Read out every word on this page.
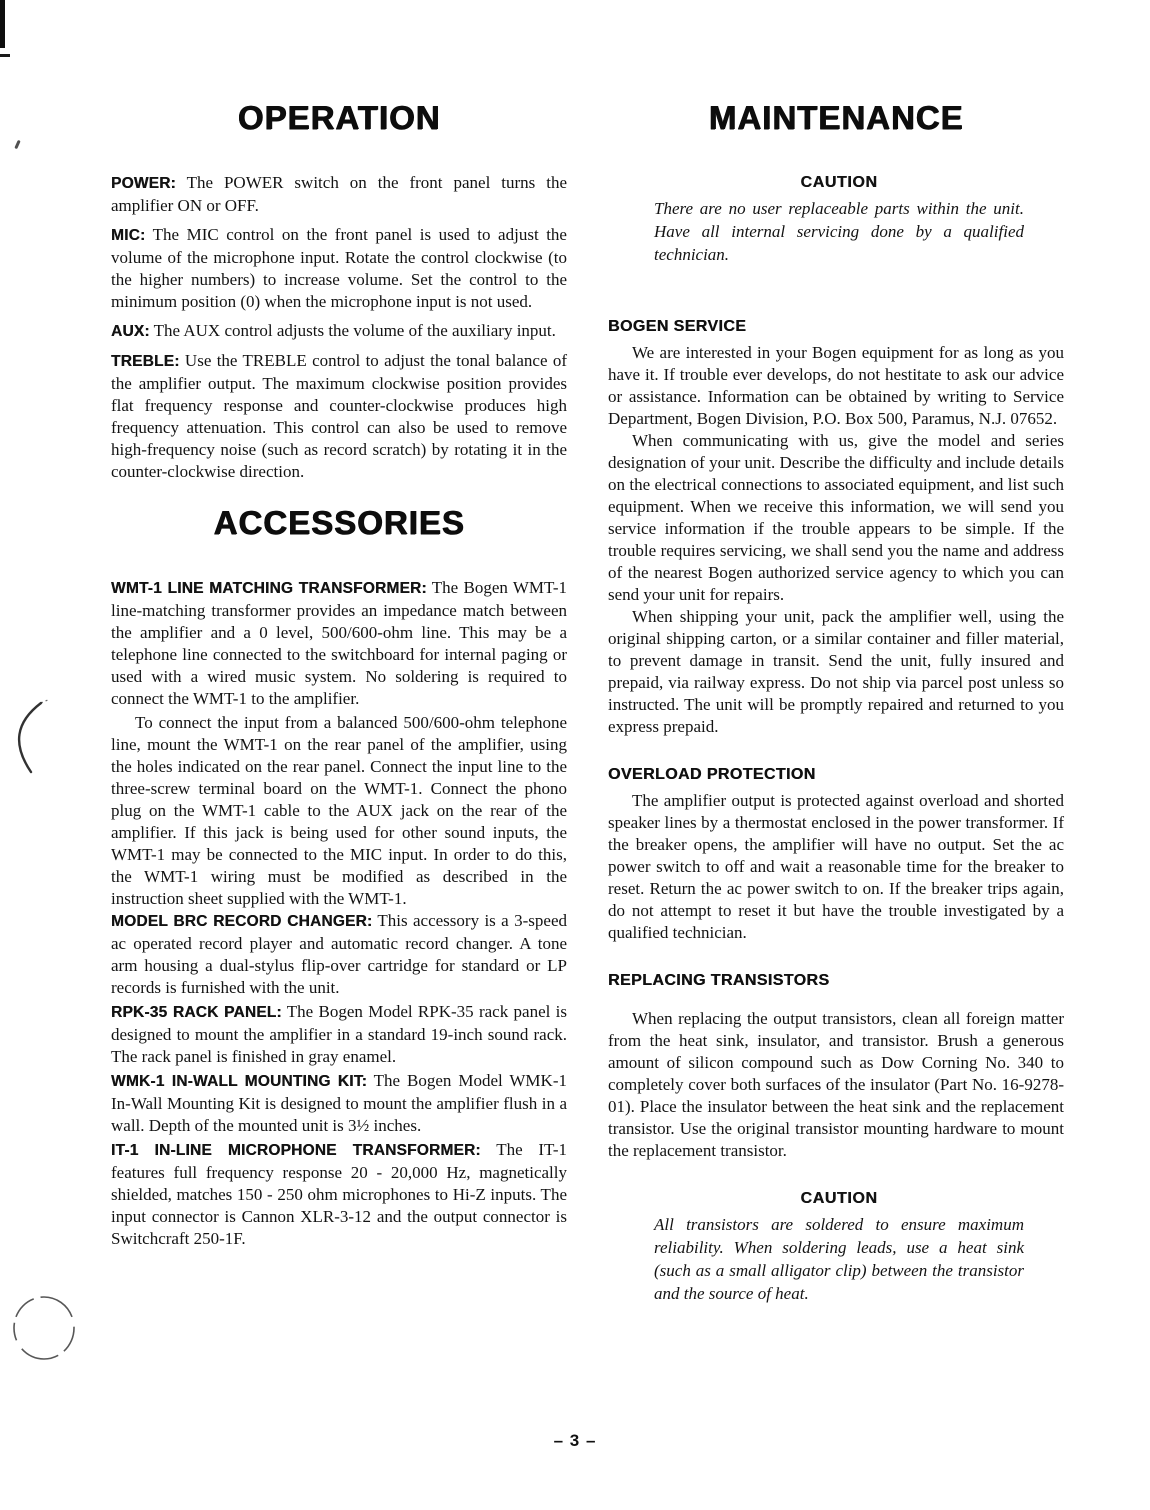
OPERATION

POWER: The POWER switch on the front panel turns the amplifier ON or OFF.

MIC: The MIC control on the front panel is used to adjust the volume of the microphone input. Rotate the control clockwise (to the higher numbers) to increase volume. Set the control to the minimum position (0) when the microphone input is not used.

AUX: The AUX control adjusts the volume of the auxiliary input.

TREBLE: Use the TREBLE control to adjust the tonal balance of the amplifier output. The maximum clockwise position provides flat frequency response and counter-clockwise produces high frequency attenuation. This control can also be used to remove high-frequency noise (such as record scratch) by rotating it in the counter-clockwise direction.

ACCESSORIES

WMT-1 LINE MATCHING TRANSFORMER: The Bogen WMT-1 line-matching transformer provides an impedance match between the amplifier and a 0 level, 500/600-ohm line. This may be a telephone line connected to the switchboard for internal paging or used with a wired music system. No soldering is required to connect the WMT-1 to the amplifier.

To connect the input from a balanced 500/600-ohm telephone line, mount the WMT-1 on the rear panel of the amplifier, using the holes indicated on the rear panel. Connect the input line to the three-screw terminal board on the WMT-1. Connect the phono plug on the WMT-1 cable to the AUX jack on the rear of the amplifier. If this jack is being used for other sound inputs, the WMT-1 may be connected to the MIC input. In order to do this, the WMT-1 wiring must be modified as described in the instruction sheet supplied with the WMT-1.

MODEL BRC RECORD CHANGER: This accessory is a 3-speed ac operated record player and automatic record changer. A tone arm housing a dual-stylus flip-over cartridge for standard or LP records is furnished with the unit.

RPK-35 RACK PANEL: The Bogen Model RPK-35 rack panel is designed to mount the amplifier in a standard 19-inch sound rack. The rack panel is finished in gray enamel.

WMK-1 IN-WALL MOUNTING KIT: The Bogen Model WMK-1 In-Wall Mounting Kit is designed to mount the amplifier flush in a wall. Depth of the mounted unit is 3½ inches.

IT-1 IN-LINE MICROPHONE TRANSFORMER: The IT-1 features full frequency response 20 - 20,000 Hz, magnetically shielded, matches 150 - 250 ohm microphones to Hi-Z inputs. The input connector is Cannon XLR-3-12 and the output connector is Switchcraft 250-1F.

MAINTENANCE
CAUTION

There are no user replaceable parts within the unit. Have all internal servicing done by a qualified technician.

BOGEN SERVICE

We are interested in your Bogen equipment for as long as you have it. If trouble ever develops, do not hestitate to ask our advice or assistance. Information can be obtained by writing to Service Department, Bogen Division, P.O. Box 500, Paramus, N.J. 07652.

When communicating with us, give the model and series designation of your unit. Describe the difficulty and include details on the electrical connections to associated equipment, and list such equipment. When we receive this information, we will send you service information if the trouble appears to be simple. If the trouble requires servicing, we shall send you the name and address of the nearest Bogen authorized service agency to which you can send your unit for repairs.

When shipping your unit, pack the amplifier well, using the original shipping carton, or a similar container and filler material, to prevent damage in transit. Send the unit, fully insured and prepaid, via railway express. Do not ship via parcel post unless so instructed. The unit will be promptly repaired and returned to you express prepaid.

OVERLOAD PROTECTION

The amplifier output is protected against overload and shorted speaker lines by a thermostat enclosed in the power transformer. If the breaker opens, the amplifier will have no output. Set the ac power switch to off and wait a reasonable time for the breaker to reset. Return the ac power switch to on. If the breaker trips again, do not attempt to reset it but have the trouble investigated by a qualified technician.

REPLACING TRANSISTORS

When replacing the output transistors, clean all foreign matter from the heat sink, insulator, and transistor. Brush a generous amount of silicon compound such as Dow Corning No. 340 to completely cover both surfaces of the insulator (Part No. 16-9278-01). Place the insulator between the heat sink and the replacement transistor. Use the original transistor mounting hardware to mount the replacement transistor.

CAUTION

All transistors are soldered to ensure maximum reliability. When soldering leads, use a heat sink (such as a small alligator clip) between the transistor and the source of heat.

– 3 –
